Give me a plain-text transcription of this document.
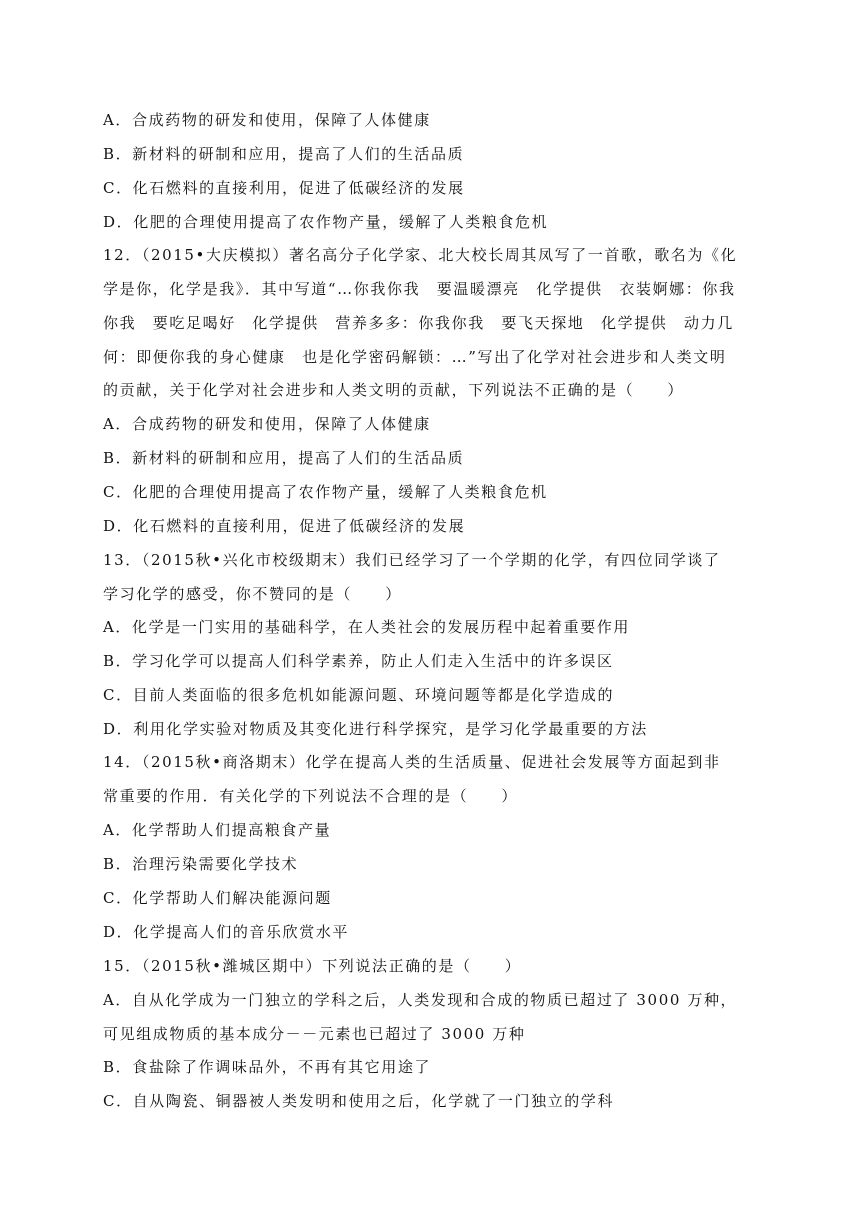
A．合成药物的研发和使用，保障了人体健康
B．新材料的研制和应用，提高了人们的生活品质
C．化石燃料的直接利用，促进了低碳经济的发展
D．化肥的合理使用提高了农作物产量，缓解了人类粮食危机
12．（2015•大庆模拟）著名高分子化学家、北大校长周其凤写了一首歌，歌名为《化
学是你，化学是我》．其中写道“…你我你我　要温暖漂亮　化学提供　衣装婀娜：你我
你我　要吃足喝好　化学提供　营养多多：你我你我　要飞天探地　化学提供　动力几
何：即便你我的身心健康　也是化学密码解锁：…”写出了化学对社会进步和人类文明
的贡献，关于化学对社会进步和人类文明的贡献，下列说法不正确的是（　　）
A．合成药物的研发和使用，保障了人体健康
B．新材料的研制和应用，提高了人们的生活品质
C．化肥的合理使用提高了农作物产量，缓解了人类粮食危机
D．化石燃料的直接利用，促进了低碳经济的发展
13．（2015秋•兴化市校级期末）我们已经学习了一个学期的化学，有四位同学谈了
学习化学的感受，你不赞同的是（　　）
A．化学是一门实用的基础科学，在人类社会的发展历程中起着重要作用
B．学习化学可以提高人们科学素养，防止人们走入生活中的许多误区
C．目前人类面临的很多危机如能源问题、环境问题等都是化学造成的
D．利用化学实验对物质及其变化进行科学探究，是学习化学最重要的方法
14．（2015秋•商洛期末）化学在提高人类的生活质量、促进社会发展等方面起到非
常重要的作用．有关化学的下列说法不合理的是（　　）
A．化学帮助人们提高粮食产量
B．治理污染需要化学技术
C．化学帮助人们解决能源问题
D．化学提高人们的音乐欣赏水平
15．（2015秋•潍城区期中）下列说法正确的是（　　）
A．自从化学成为一门独立的学科之后，人类发现和合成的物质已超过了 3000 万种，
可见组成物质的基本成分－－元素也已超过了 3000 万种
B．食盐除了作调味品外，不再有其它用途了
C．自从陶瓷、铜器被人类发明和使用之后，化学就了一门独立的学科
